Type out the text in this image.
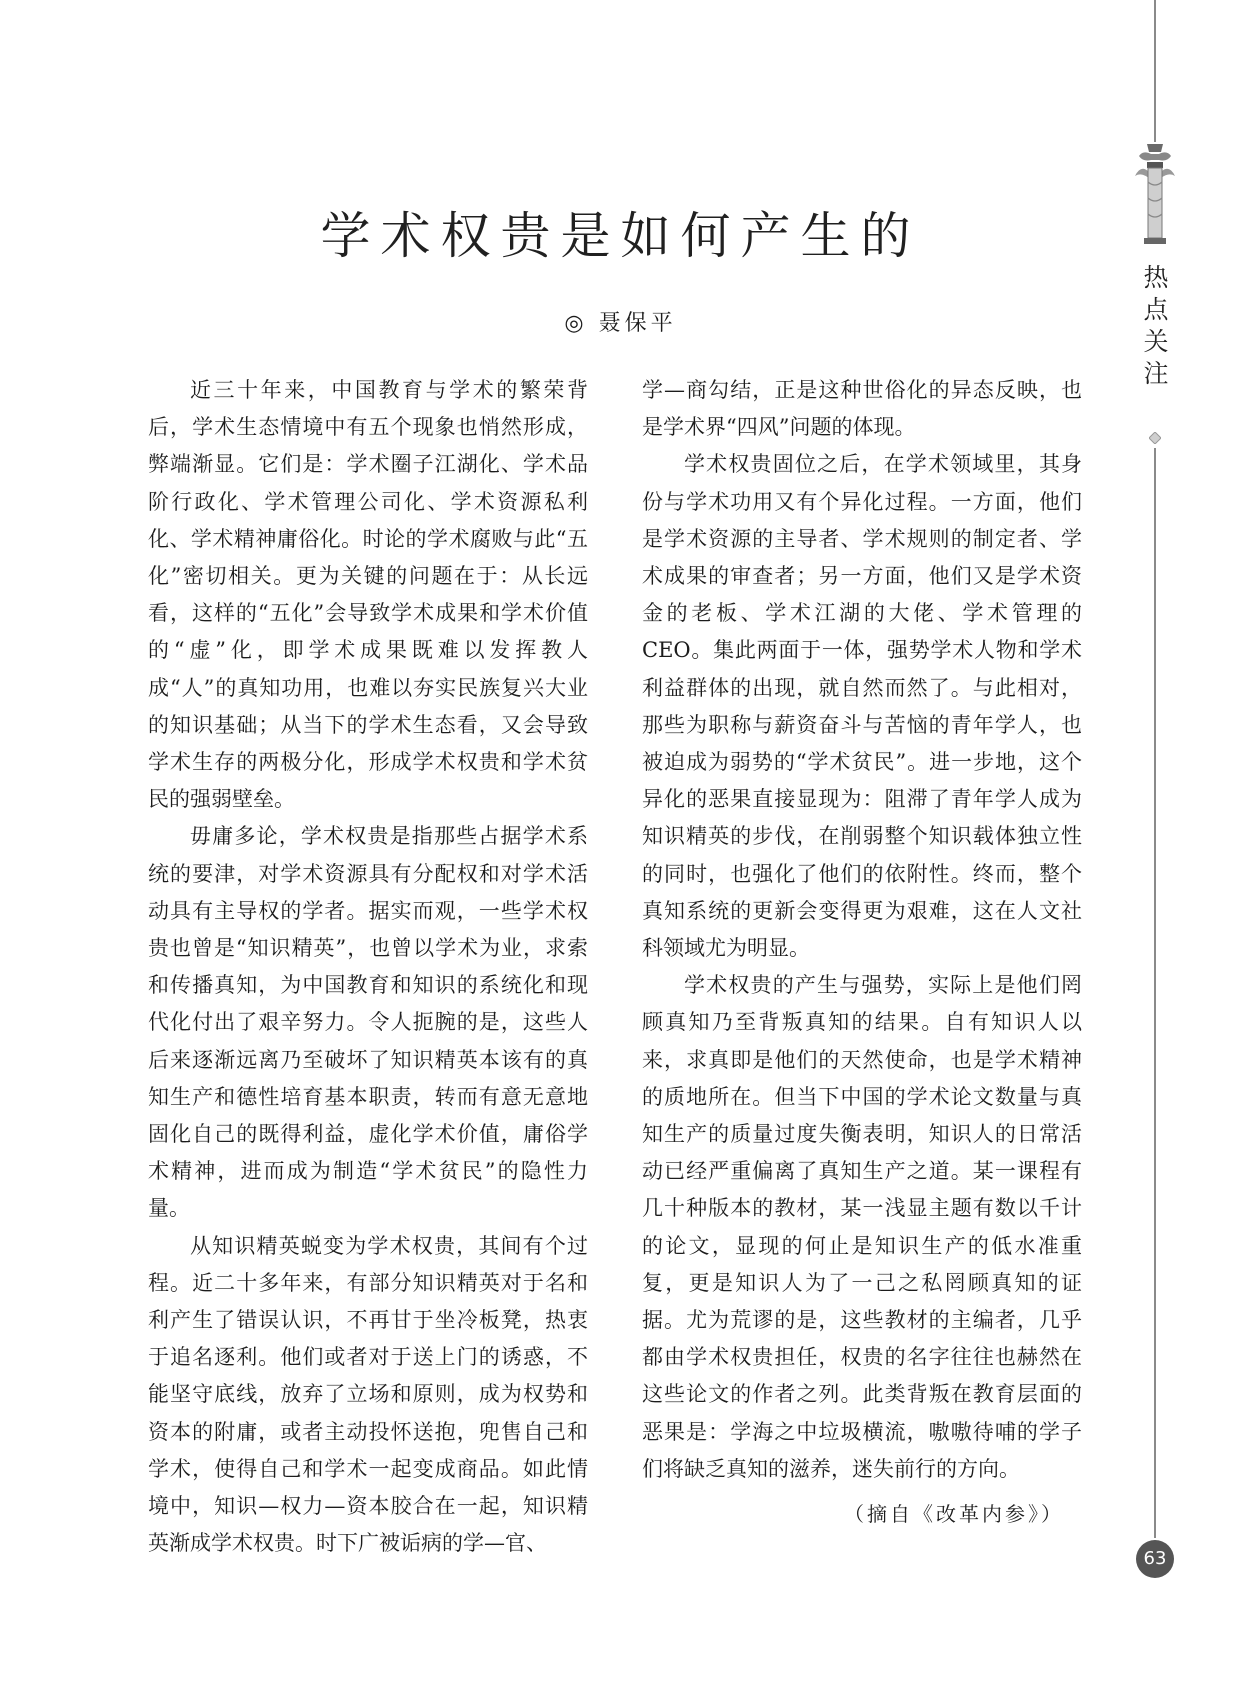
学术权贵是如何产生的
◎ 聂保平

近三十年来，中国教育与学术的繁荣背后，学术生态情境中有五个现象也悄然形成，弊端渐显。它们是：学术圈子江湖化、学术品阶行政化、学术管理公司化、学术资源私利化、学术精神庸俗化。时论的学术腐败与此“五化”密切相关。更为关键的问题在于：从长远看，这样的“五化”会导致学术成果和学术价值的“虚”化，即学术成果既难以发挥教人成“人”的真知功用，也难以夯实民族复兴大业的知识基础；从当下的学术生态看，又会导致学术生存的两极分化，形成学术权贵和学术贫民的强弱壁垒。

毋庸多论，学术权贵是指那些占据学术系统的要津，对学术资源具有分配权和对学术活动具有主导权的学者。据实而观，一些学术权贵也曾是“知识精英”，也曾以学术为业，求索和传播真知，为中国教育和知识的系统化和现代化付出了艰辛努力。令人扼腕的是，这些人后来逐渐远离乃至破坏了知识精英本该有的真知生产和德性培育基本职责，转而有意无意地固化自己的既得利益，虚化学术价值，庸俗学术精神，进而成为制造“学术贫民”的隐性力量。

从知识精英蜕变为学术权贵，其间有个过程。近二十多年来，有部分知识精英对于名和利产生了错误认识，不再甘于坐冷板凳，热衷于追名逐利。他们或者对于送上门的诱惑，不能坚守底线，放弃了立场和原则，成为权势和资本的附庸，或者主动投怀送抱，兜售自己和学术，使得自己和学术一起变成商品。如此情境中，知识—权力—资本胶合在一起，知识精英渐成学术权贵。时下广被诟病的学—官、

学—商勾结，正是这种世俗化的异态反映，也是学术界“四风”问题的体现。

学术权贵固位之后，在学术领域里，其身份与学术功用又有个异化过程。一方面，他们是学术资源的主导者、学术规则的制定者、学术成果的审查者；另一方面，他们又是学术资金的老板、学术江湖的大佬、学术管理的CEO。集此两面于一体，强势学术人物和学术利益群体的出现，就自然而然了。与此相对，那些为职称与薪资奋斗与苦恼的青年学人，也被迫成为弱势的“学术贫民”。进一步地，这个异化的恶果直接显现为：阻滞了青年学人成为知识精英的步伐，在削弱整个知识载体独立性的同时，也强化了他们的依附性。终而，整个真知系统的更新会变得更为艰难，这在人文社科领域尤为明显。

学术权贵的产生与强势，实际上是他们罔顾真知乃至背叛真知的结果。自有知识人以来，求真即是他们的天然使命，也是学术精神的质地所在。但当下中国的学术论文数量与真知生产的质量过度失衡表明，知识人的日常活动已经严重偏离了真知生产之道。某一课程有几十种版本的教材，某一浅显主题有数以千计的论文，显现的何止是知识生产的低水准重复，更是知识人为了一己之私罔顾真知的证据。尤为荒谬的是，这些教材的主编者，几乎都由学术权贵担任，权贵的名字往往也赫然在这些论文的作者之列。此类背叛在教育层面的恶果是：学海之中垃圾横流，嗷嗷待哺的学子们将缺乏真知的滋养，迷失前行的方向。

（摘自《改革内参》）
热点关注
63
